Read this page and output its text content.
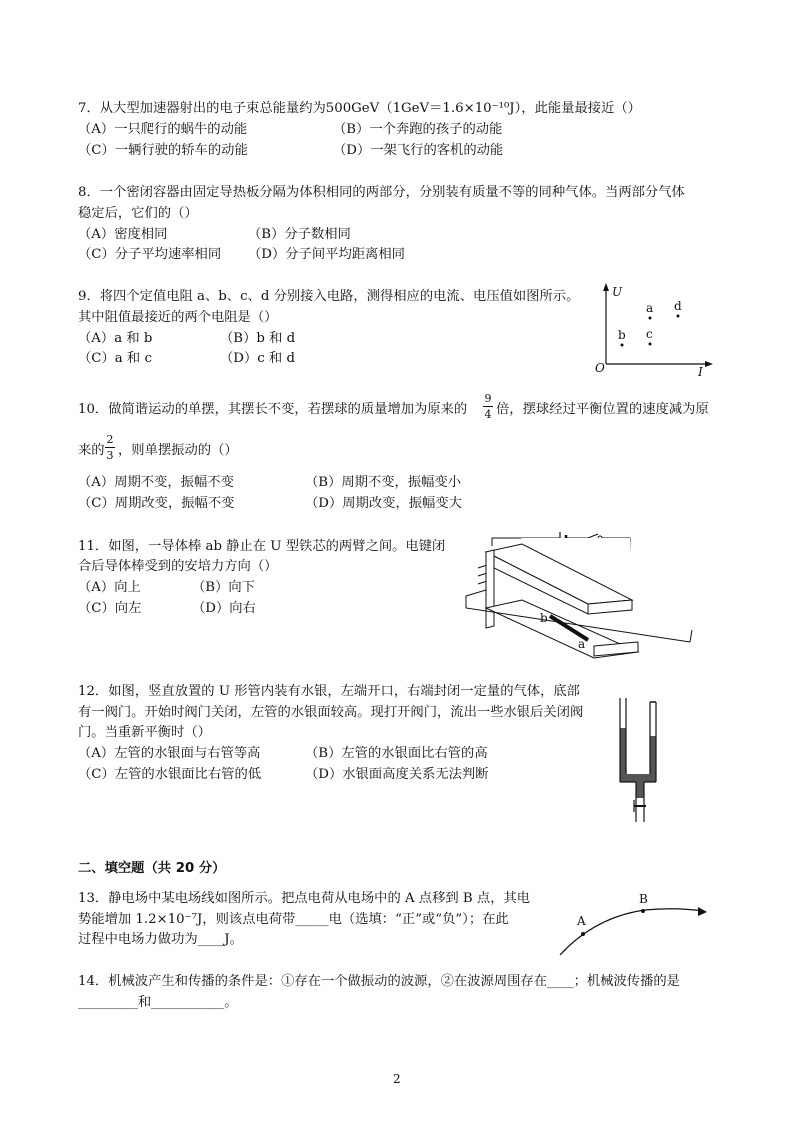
7．从大型加速器射出的电子束总能量约为500GeV（1GeV＝1.6×10⁻¹⁰J），此能量最接近（）
（A）一只爬行的蜗牛的动能	（B）一个奔跑的孩子的动能
（C）一辆行驶的轿车的动能	（D）一架飞行的客机的动能
8．一个密闭容器由固定导热板分隔为体积相同的两部分，分别装有质量不等的同种气体。当两部分气体
稳定后，它们的（）
（A）密度相同	（B）分子数相同
（C）分子平均速率相同 （D）分子间平均距离相同
9．将四个定值电阻 a、b、c、d 分别接入电路，测得相应的电流、电压值如图所示。
其中阻值最接近的两个电阻是（）
（A）a 和 b	（B）b 和 d
（C）a 和 c	（D）c 和 d
U
I
O
a d
b c
10．做简谐运动的单摆，其摆长不变，若摆球的质量增加为原来的
9
4 倍，摆球经过平衡位置的速度减为原
来的
2
3 ，则单摆振动的（）
（A）周期不变，振幅不变	（B）周期不变，振幅变小
（C）周期改变，振幅不变	（D）周期改变，振幅变大
11．如图，一导体棒 ab 静止在 U 型铁芯的两臂之间。电键闭
合后导体棒受到的安培力方向（）
（A）向上	（B）向下
（C）向左	（D）向右
b
a
12．如图，竖直放置的 U 形管内装有水银，左端开口，右端封闭一定量的气体，底部
有一阀门。开始时阀门关闭，左管的水银面较高。现打开阀门，流出一些水银后关闭阀
门。当重新平衡时（）
（A）左管的水银面与右管等高	（B）左管的水银面比右管的高
（C）左管的水银面比右管的低	（D）水银面高度关系无法判断
二、填空题（共 20 分）
13．静电场中某电场线如图所示。把点电荷从电场中的 A 点移到 B 点，其电
势能增加 1.2×10⁻⁷J，则该点电荷带_____电（选填：“正”或“负”）；在此
过程中电场力做功为____J。
A
B
14．机械波产生和传播的条件是：①存在一个做振动的波源，②在波源周围存在____；机械波传播的是
_________和___________。
2
